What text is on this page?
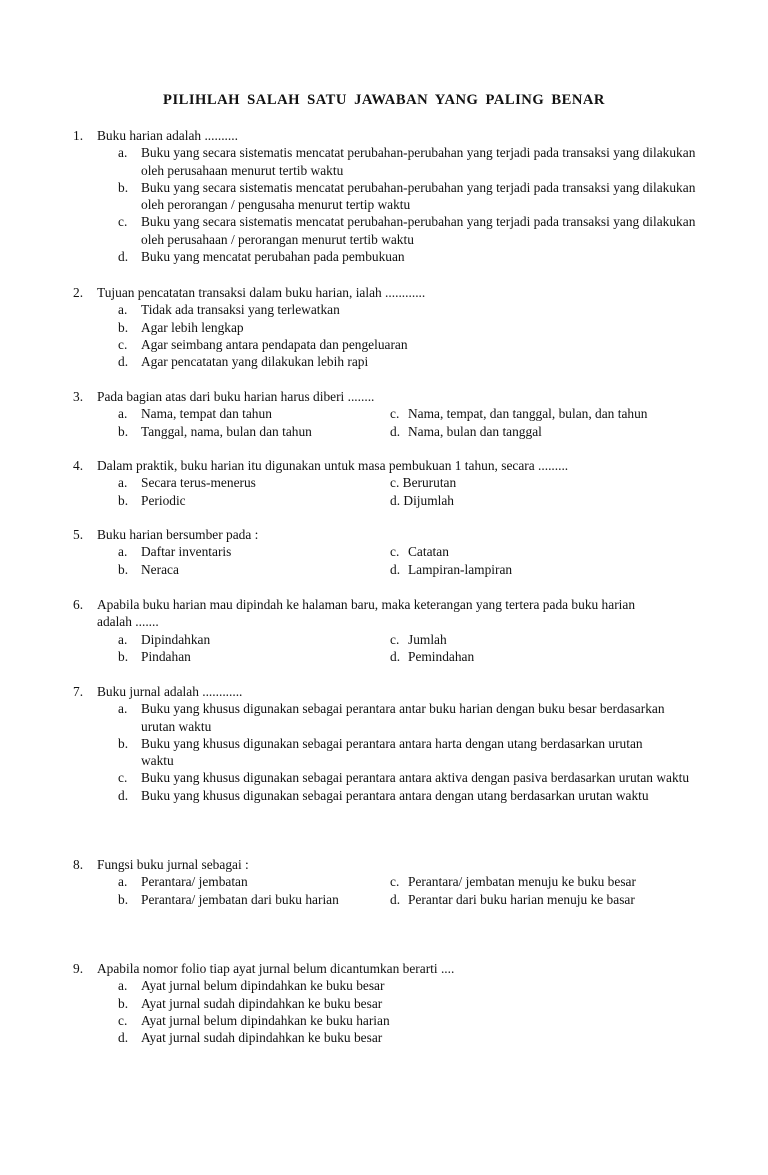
PILIHLAH SALAH SATU JAWABAN YANG PALING BENAR
1. Buku harian adalah ..........
a. Buku yang secara sistematis mencatat perubahan-perubahan yang terjadi pada transaksi yang dilakukan oleh perusahaan menurut tertib waktu
b. Buku yang secara sistematis mencatat perubahan-perubahan yang terjadi pada transaksi yang dilakukan oleh perorangan / pengusaha menurut tertip waktu
c. Buku yang secara sistematis mencatat perubahan-perubahan yang terjadi pada transaksi yang dilakukan oleh perusahaan / perorangan menurut tertib waktu
d. Buku yang mencatat perubahan pada pembukuan
2. Tujuan pencatatan transaksi dalam buku harian, ialah ............
a. Tidak ada transaksi yang terlewatkan
b. Agar lebih lengkap
c. Agar seimbang antara pendapata dan pengeluaran
d. Agar pencatatan yang dilakukan lebih rapi
3. Pada bagian atas dari buku harian harus diberi ........
a. Nama, tempat dan tahun	c. Nama, tempat, dan tanggal, bulan, dan tahun
b. Tanggal, nama, bulan dan tahun	d. Nama, bulan dan tanggal
4. Dalam praktik, buku harian itu digunakan untuk masa pembukuan 1 tahun, secara .........
a. Secara terus-menerus	c. Berurutan
b. Periodic	d. Dijumlah
5. Buku harian bersumber pada :
a. Daftar inventaris	c. Catatan
b. Neraca	d. Lampiran-lampiran
6. Apabila buku harian mau dipindah ke halaman baru, maka keterangan yang tertera pada buku harian adalah .......
a. Dipindahkan	c. Jumlah
b. Pindahan	d. Pemindahan
7. Buku jurnal adalah ............
a. Buku yang khusus digunakan sebagai perantara antar buku harian dengan buku besar berdasarkan urutan waktu
b. Buku yang khusus digunakan sebagai perantara antara harta dengan utang berdasarkan urutan waktu
c. Buku yang khusus digunakan sebagai perantara antara aktiva dengan pasiva berdasarkan urutan waktu
d. Buku yang khusus digunakan sebagai perantara antara dengan utang berdasarkan urutan waktu
8. Fungsi buku jurnal sebagai :
a. Perantara/ jembatan	c. Perantara/ jembatan menuju ke buku besar
b. Perantara/ jembatan dari buku harian	d. Perantar dari buku harian menuju ke basar
9. Apabila nomor folio tiap ayat jurnal belum dicantumkan berarti ....
a. Ayat jurnal belum dipindahkan ke buku besar
b. Ayat jurnal sudah dipindahkan ke buku besar
c. Ayat jurnal belum dipindahkan ke buku harian
d. Ayat jurnal sudah dipindahkan ke buku besar
